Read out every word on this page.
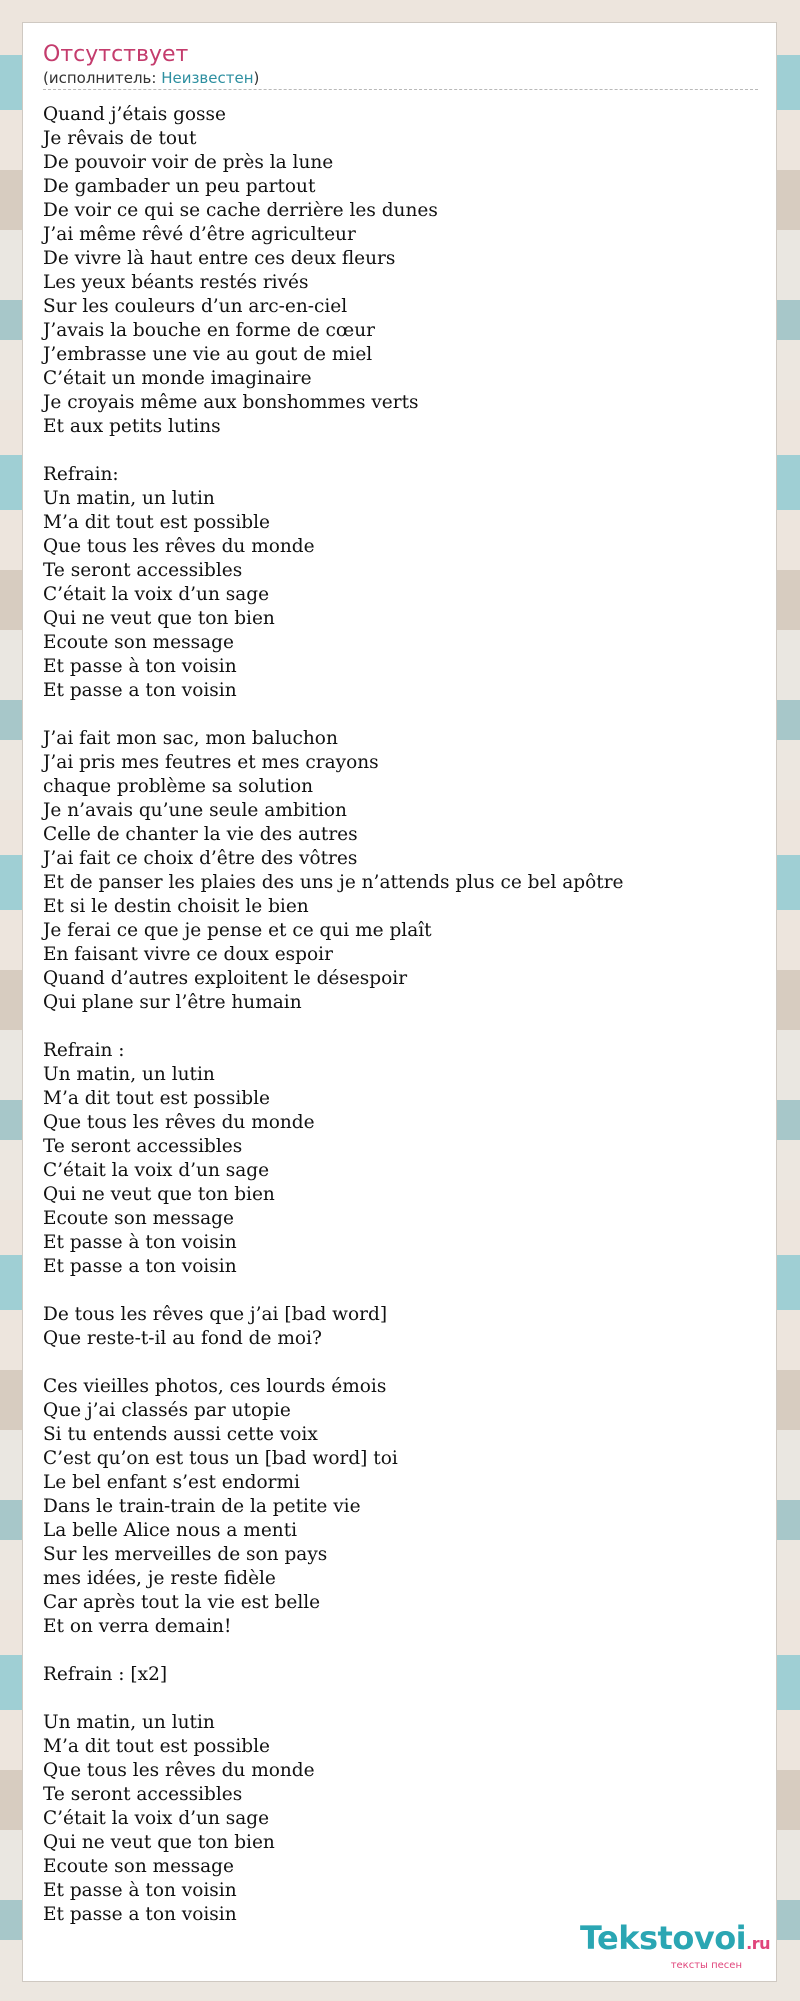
Отсутствует
(исполнитель: Неизвестен)
Quand j’étais gosse
Je rêvais de tout
De pouvoir voir de près la lune
De gambader un peu partout
De voir ce qui se cache derrière les dunes
J’ai même rêvé d’être agriculteur
De vivre là haut entre ces deux fleurs
Les yeux béants restés rivés
Sur les couleurs d’un arc-en-ciel
J’avais la bouche en forme de cœur
J’embrasse une vie au gout de miel
C’était un monde imaginaire
Je croyais même aux bonshommes verts
Et aux petits lutins

Refrain:
Un matin, un lutin
M’a dit tout est possible
Que tous les rêves du monde
Te seront accessibles
C’était la voix d’un sage
Qui ne veut que ton bien
Ecoute son message
Et passe à ton voisin
Et passe a ton voisin

J’ai fait mon sac, mon baluchon
J’ai pris mes feutres et mes crayons
chaque problème sa solution
Je n’avais qu’une seule ambition
Celle de chanter la vie des autres
J’ai fait ce choix d’être des vôtres
Et de panser les plaies des uns je n’attends plus ce bel apôtre
Et si le destin choisit le bien
Je ferai ce que je pense et ce qui me plaît
En faisant vivre ce doux espoir
Quand d’autres exploitent le désespoir
Qui plane sur l’être humain

Refrain :
Un matin, un lutin
M’a dit tout est possible
Que tous les rêves du monde
Te seront accessibles
C’était la voix d’un sage
Qui ne veut que ton bien
Ecoute son message
Et passe à ton voisin
Et passe a ton voisin

De tous les rêves que j’ai [bad word]
Que reste-t-il au fond de moi?

Ces vieilles photos, ces lourds émois
Que j’ai classés par utopie
Si tu entends aussi cette voix
C’est qu’on est tous un [bad word] toi
Le bel enfant s’est endormi
Dans le train-train de la petite vie
La belle Alice nous a menti
Sur les merveilles de son pays
mes idées, je reste fidèle
Car après tout la vie est belle
Et on verra demain!

Refrain : [x2]

Un matin, un lutin
M’a dit tout est possible
Que tous les rêves du monde
Te seront accessibles
C’était la voix d’un sage
Qui ne veut que ton bien
Ecoute son message
Et passe à ton voisin
Et passe a ton voisin
Tekstovoi.ru
тексты песен
